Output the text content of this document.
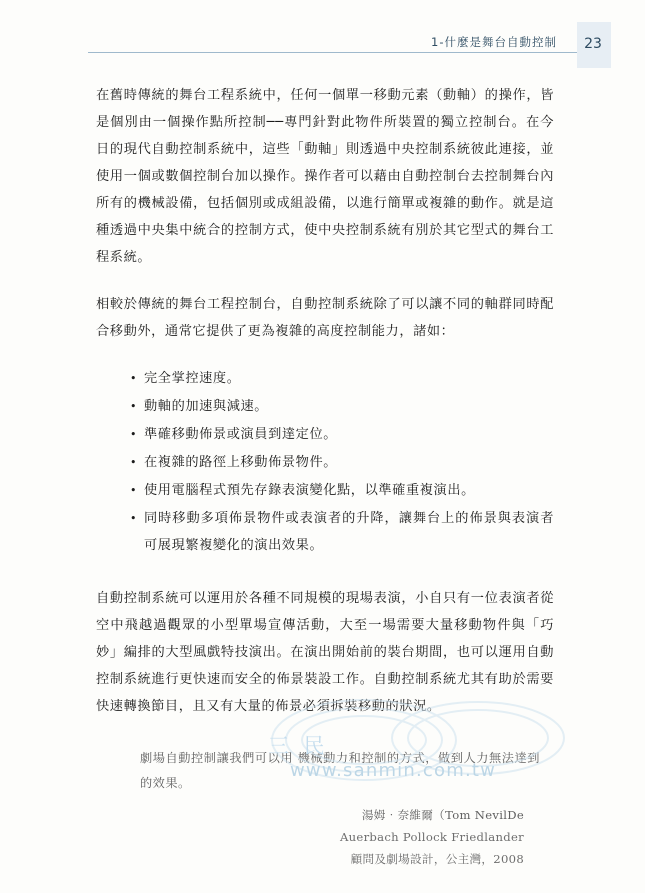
1-什麼是舞台自動控制	23

在舊時傳統的舞台工程系統中，任何一個單一移動元素（動軸）的操作，皆是個別由一個操作點所控制──專門針對此物件所裝置的獨立控制台。在今日的現代自動控制系統中，這些「動軸」則透過中央控制系統彼此連接，並使用一個或數個控制台加以操作。操作者可以藉由自動控制台去控制舞台內所有的機械設備，包括個別或成組設備，以進行簡單或複雜的動作。就是這種透過中央集中統合的控制方式，使中央控制系統有別於其它型式的舞台工程系統。

相較於傳統的舞台工程控制台，自動控制系統除了可以讓不同的軸群同時配合移動外，通常它提供了更為複雜的高度控制能力，諸如：

• 完全掌控速度。
• 動軸的加速與減速。
• 準確移動佈景或演員到達定位。
• 在複雜的路徑上移動佈景物件。
• 使用電腦程式預先存錄表演變化點，以準確重複演出。
• 同時移動多項佈景物件或表演者的升降，讓舞台上的佈景與表演者可展現繁複變化的演出效果。

自動控制系統可以運用於各種不同規模的現場表演，小自只有一位表演者從空中飛越過觀眾的小型單場宣傳活動，大至一場需要大量移動物件與「巧妙」編排的大型風戲特技演出。在演出開始前的裝台期間，也可以運用自動控制系統進行更快速而安全的佈景裝設工作。自動控制系統尤其有助於需要快速轉換節目，且又有大量的佈景必須拆裝移動的狀況。

劇場自動控制讓我們可以用 機械動力和控制的方式，做到人力無法達到的效果。

湯姆‧奈維爾（Tom NevilDe
Auerbach Pollock Friedlander
顧問及劇場設計，公主灣，2008
三 民
www.sanmin.com.tw
